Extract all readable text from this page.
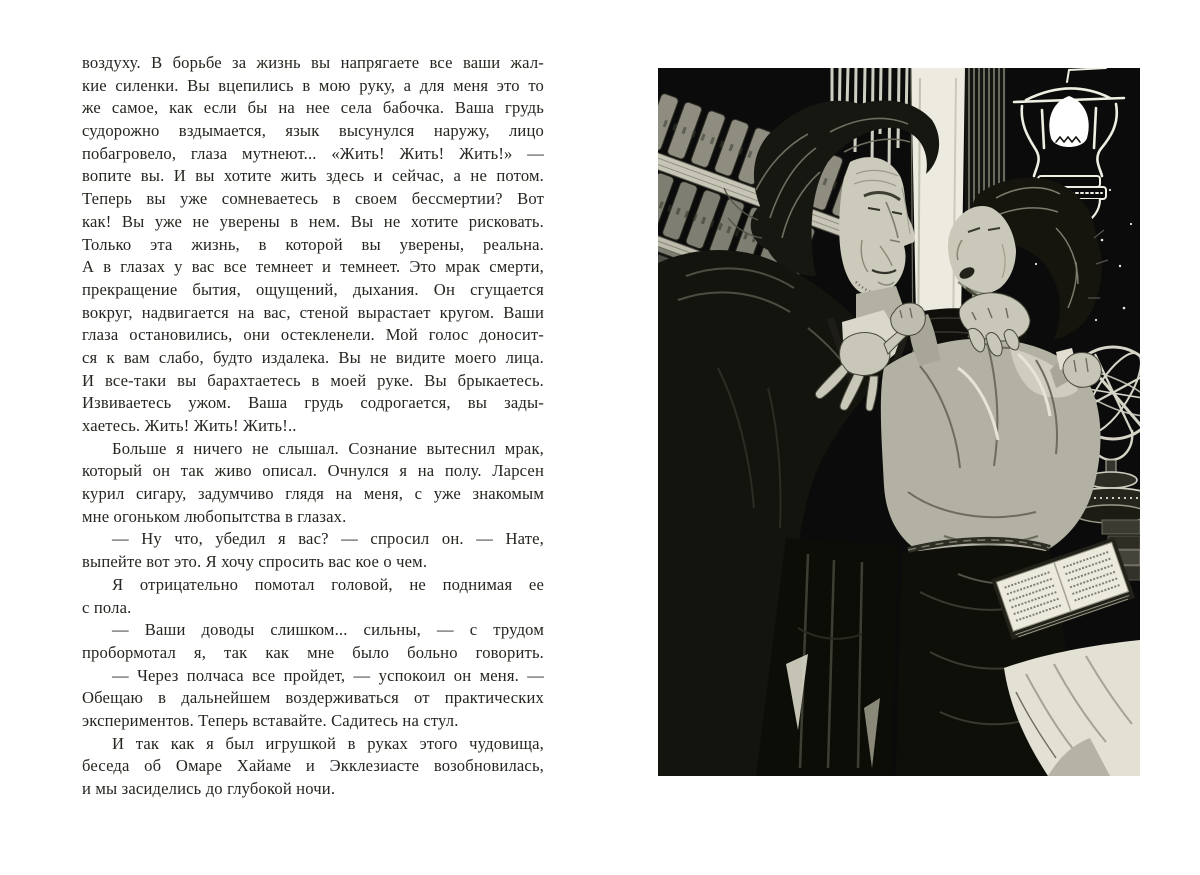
воздуху. В борьбе за жизнь вы напрягаете все ваши жал-
кие силенки. Вы вцепились в мою руку, а для меня это то
же самое, как если бы на нее села бабочка. Ваша грудь
судорожно вздымается, язык высунулся наружу, лицо
побагровело, глаза мутнеют... «Жить! Жить! Жить!» —
вопите вы. И вы хотите жить здесь и сейчас, а не потом.
Теперь вы уже сомневаетесь в своем бессмертии? Вот
как! Вы уже не уверены в нем. Вы не хотите рисковать.
Только эта жизнь, в которой вы уверены, реальна.
А в глазах у вас все темнеет и темнеет. Это мрак смерти,
прекращение бытия, ощущений, дыхания. Он сгущается
вокруг, надвигается на вас, стеной вырастает кругом. Ваши
глаза остановились, они остекленели. Мой голос доносит-
ся к вам слабо, будто издалека. Вы не видите моего лица.
И все-таки вы барахтаетесь в моей руке. Вы брыкаетесь.
Извиваетесь ужом. Ваша грудь содрогается, вы зады-
хаетесь. Жить! Жить! Жить!..
Больше я ничего не слышал. Сознание вытеснил мрак,
который он так живо описал. Очнулся я на полу. Ларсен
курил сигару, задумчиво глядя на меня, с уже знакомым
мне огоньком любопытства в глазах.
— Ну что, убедил я вас? — спросил он. — Нате,
выпейте вот это. Я хочу спросить вас кое о чем.
Я отрицательно помотал головой, не поднимая ее
с пола.
— Ваши доводы слишком... сильны, — с трудом
пробормотал я, так как мне было больно говорить.
— Через полчаса все пройдет, — успокоил он меня. —
Обещаю в дальнейшем воздерживаться от практических
экспериментов. Теперь вставайте. Садитесь на стул.
И так как я был игрушкой в руках этого чудовища,
беседа об Омаре Хайаме и Экклезиасте возобновилась,
и мы засиделись до глубокой ночи.
